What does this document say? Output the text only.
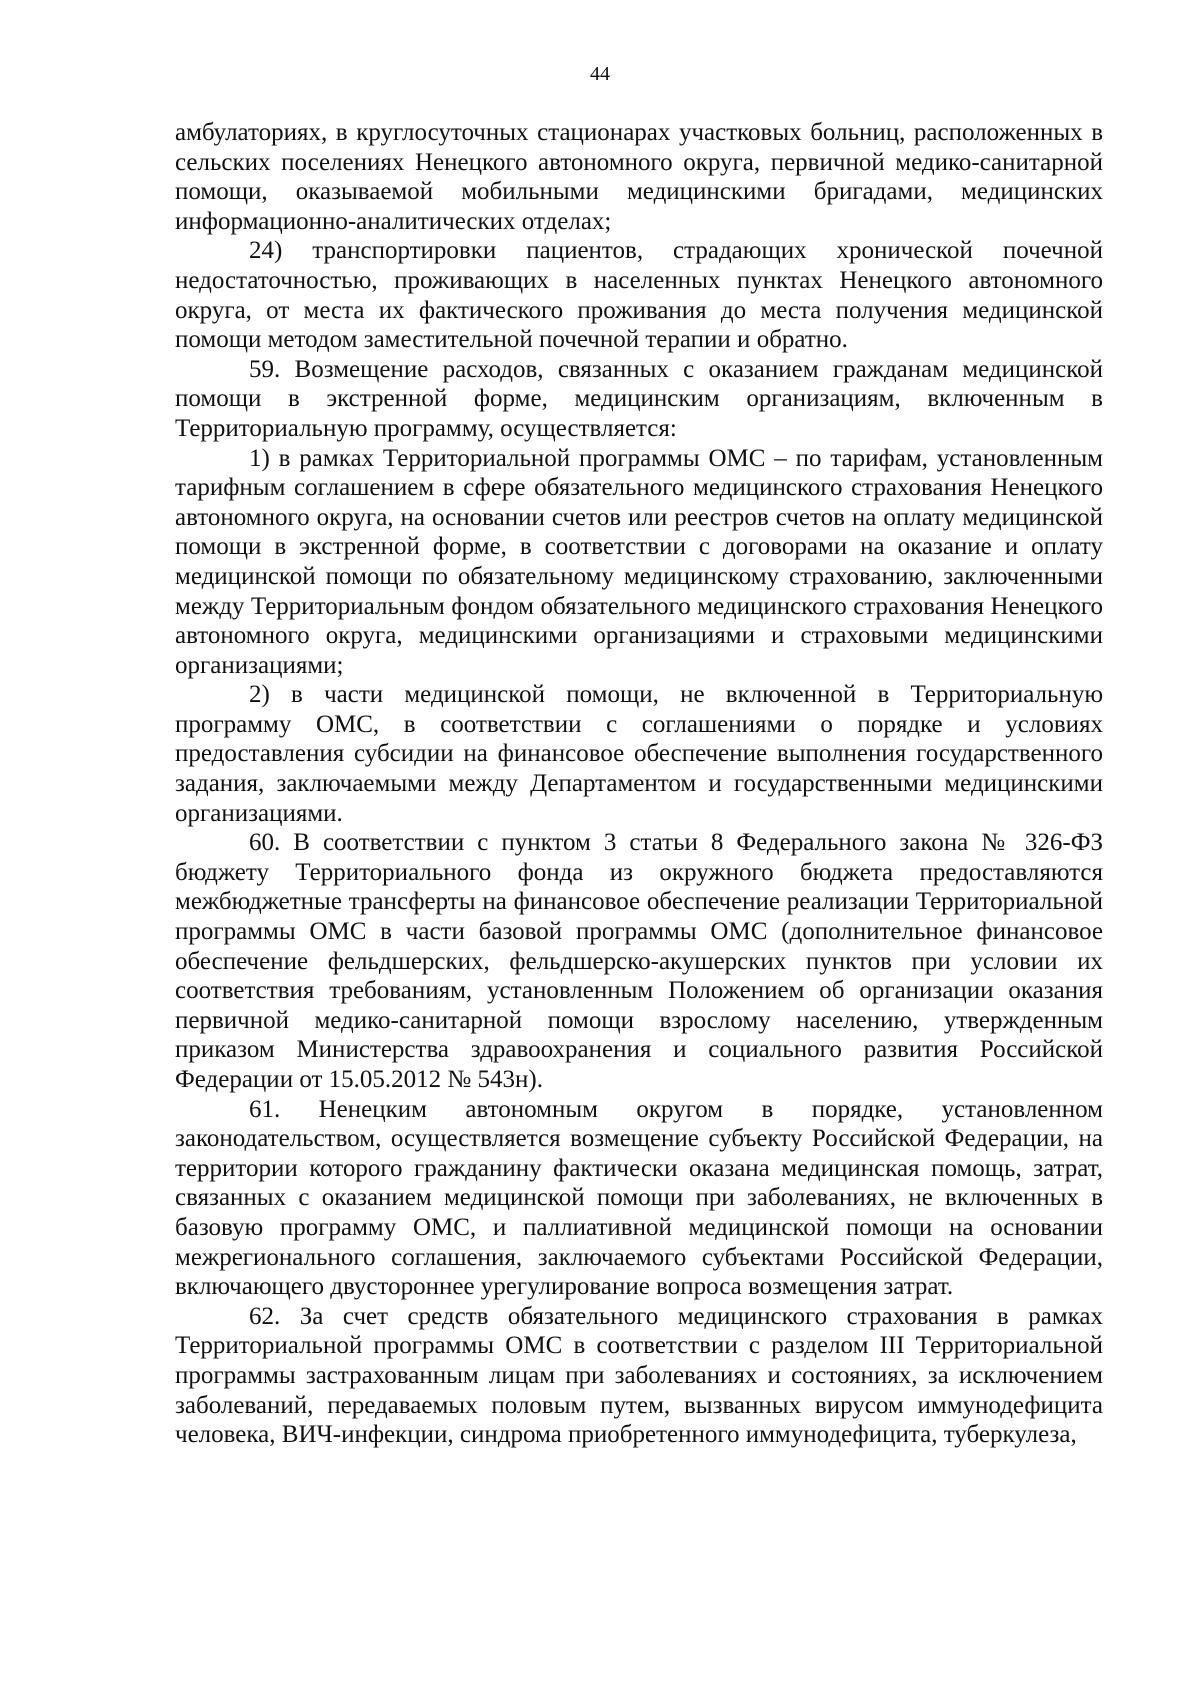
44

амбулаториях, в круглосуточных стационарах участковых больниц, расположенных в сельских поселениях Ненецкого автономного округа, первичной медико-санитарной помощи, оказываемой мобильными медицинскими бригадами, медицинских информационно-аналитических отделах;

24) транспортировки пациентов, страдающих хронической почечной недостаточностью, проживающих в населенных пунктах Ненецкого автономного округа, от места их фактического проживания до места получения медицинской помощи методом заместительной почечной терапии и обратно.

59. Возмещение расходов, связанных с оказанием гражданам медицинской помощи в экстренной форме, медицинским организациям, включенным в Территориальную программу, осуществляется:

1) в рамках Территориальной программы ОМС – по тарифам, установленным тарифным соглашением в сфере обязательного медицинского страхования Ненецкого автономного округа, на основании счетов или реестров счетов на оплату медицинской помощи в экстренной форме, в соответствии с договорами на оказание и оплату медицинской помощи по обязательному медицинскому страхованию, заключенными между Территориальным фондом обязательного медицинского страхования Ненецкого автономного округа, медицинскими организациями и страховыми медицинскими организациями;

2) в части медицинской помощи, не включенной в Территориальную программу ОМС, в соответствии с соглашениями о порядке и условиях предоставления субсидии на финансовое обеспечение выполнения государственного задания, заключаемыми между Департаментом и государственными медицинскими организациями.

60. В соответствии с пунктом 3 статьи 8 Федерального закона № 326-ФЗ бюджету Территориального фонда из окружного бюджета предоставляются межбюджетные трансферты на финансовое обеспечение реализации Территориальной программы ОМС в части базовой программы ОМС (дополнительное финансовое обеспечение фельдшерских, фельдшерско-акушерских пунктов при условии их соответствия требованиям, установленным Положением об организации оказания первичной медико-санитарной помощи взрослому населению, утвержденным приказом Министерства здравоохранения и социального развития Российской Федерации от 15.05.2012 № 543н).

61. Ненецким автономным округом в порядке, установленном законодательством, осуществляется возмещение субъекту Российской Федерации, на территории которого гражданину фактически оказана медицинская помощь, затрат, связанных с оказанием медицинской помощи при заболеваниях, не включенных в базовую программу ОМС, и паллиативной медицинской помощи на основании межрегионального соглашения, заключаемого субъектами Российской Федерации, включающего двустороннее урегулирование вопроса возмещения затрат.

62. За счет средств обязательного медицинского страхования в рамках Территориальной программы ОМС в соответствии с разделом III Территориальной программы застрахованным лицам при заболеваниях и состояниях, за исключением заболеваний, передаваемых половым путем, вызванных вирусом иммунодефицита человека, ВИЧ-инфекции, синдрома приобретенного иммунодефицита, туберкулеза,
